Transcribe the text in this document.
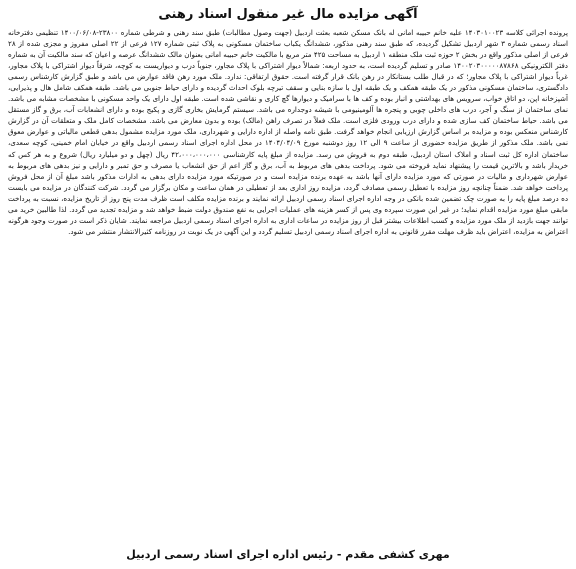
آگهی مزایده مال غیر منقول اسناد رهنی

پرونده اجرائی کلاسه ۱۴۰۳۰۱۰۰۲۳ علیه خانم حبیبه امانی له بانک مسکن شعبه بعثت اردبیل (جهت وصول مطالبات) طبق سند رهنی و شرطی شماره ۲۳۸۰۰-۱۴۰۰/۰۶/۰۸ تنظیمی دفترخانه اسناد رسمی شماره ۳ شهر اردبیل تشکیل گردیده، که طبق سند رهنی مذکور، ششدانگ یکباب ساختمان مسکونی به پلاک ثبتی شماره ۱۲۷ فرعی از ۲۲ اصلی مفروز و مجزی شده از ۲۸ فرعی از اصلی مذکور واقع در بخش ۲ حوزه ثبت ملک منطقه ۱ اردبیل به مساحت ۴۲۵ متر مربع با مالکیت خانم حبیبه امانی بعنوان مالک ششدانگ عرصه و اعیان که سند مالکیت آن به شماره دفتر الکترونیکی ۱۴۰۰۲۰۳۰۰۰۰۰۸۷۸۶۸ صادر و تسلیم گردیده است، به حدود اربعه: شمالاً دیوار اشتراکی با پلاک مجاور، جنوباً درب و دیواریست به کوچه، شرقاً دیوار اشتراکی با پلاک مجاور، غرباً دیوار اشتراکی با پلاک مجاور؛ که در قبال طلب بستانکار در رهن بانک قرار گرفته است. حقوق ارتفاقی: ندارد. ملک مورد رهن فاقد عوارض می باشد و طبق گزارش کارشناس رسمی دادگستری، ساختمان مسکونی مذکور در یک طبقه همکف و یک طبقه اول با سازه بنایی و سقف تیرچه بلوک احداث گردیده و دارای حیاط جنوبی می باشد. طبقه همکف شامل هال و پذیرایی، آشپزخانه اپن، دو اتاق خواب، سرویس های بهداشتی و انبار بوده و کف ها با سرامیک و دیوارها گچ کاری و نقاشی شده است. طبقه اول دارای یک واحد مسکونی با مشخصات مشابه می باشد. نمای ساختمان از سنگ و آجر، درب های داخلی چوبی و پنجره ها آلومینیومی با شیشه دوجداره می باشد. سیستم گرمایش بخاری گازی و پکیج بوده و دارای انشعابات آب، برق و گاز مستقل می باشد. حیاط ساختمان کف سازی شده و دارای درب ورودی فلزی است. ملک فعلاً در تصرف راهن (مالک) بوده و بدون معارض می باشد. مشخصات کامل ملک و متعلقات آن در گزارش کارشناس منعکس بوده و مزایده بر اساس گزارش ارزیابی انجام خواهد گرفت. طبق نامه واصله از اداره دارایی و شهرداری، ملک مورد مزایده مشمول بدهی قطعی مالیاتی و عوارض معوق نمی باشد. ملک مذکور از طریق مزایده حضوری از ساعت ۹ الی ۱۲ روز دوشنبه مورخ ۱۴۰۴/۰۴/۰۹ در محل اداره اجرای اسناد رسمی اردبیل واقع در خیابان امام خمینی، کوچه سعدی، ساختمان اداره کل ثبت اسناد و املاک استان اردبیل، طبقه دوم به فروش می رسد. مزایده از مبلغ پایه کارشناسی ۴۲،۰۰۰،۰۰۰،۰۰۰ ریال (چهل و دو میلیارد ریال) شروع و به هر کس که خریدار باشد و بالاترین قیمت را پیشنهاد نماید فروخته می شود. پرداخت بدهی های مربوط به آب، برق و گاز اعم از حق انشعاب یا مصرف و حق تمبر و دارایی و نیز بدهی های مربوط به عوارض شهرداری و مالیات در صورتی که مورد مزایده دارای آنها باشد به عهده برنده مزایده است و در صورتیکه مورد مزایده دارای بدهی به ادارات مذکور باشد مبلغ آن از محل فروش پرداخت خواهد شد. ضمناً چنانچه روز مزایده با تعطیل رسمی مصادف گردد، مزایده روز اداری بعد از تعطیلی در همان ساعت و مکان برگزار می گردد. شرکت کنندگان در مزایده می بایست ده درصد مبلغ پایه را به صورت چک تضمین شده بانکی در وجه اداره اجرای اسناد رسمی اردبیل ارائه نمایند و برنده مزایده مکلف است ظرف مدت پنج روز از تاریخ مزایده، نسبت به پرداخت مابقی مبلغ مورد مزایده اقدام نماید؛ در غیر این صورت سپرده وی پس از کسر هزینه های عملیات اجرایی به نفع صندوق دولت ضبط خواهد شد و مزایده تجدید می گردد. لذا طالبین خرید می توانند جهت بازدید از ملک مورد مزایده و کسب اطلاعات بیشتر قبل از روز مزایده در ساعات اداری به اداره اجرای اسناد رسمی اردبیل مراجعه نمایند. شایان ذکر است در صورت وجود هرگونه اعتراض به مزایده، اعتراض باید ظرف مهلت مقرر قانونی به اداره اجرای اسناد رسمی اردبیل تسلیم گردد و این آگهی در یک نوبت در روزنامه کثیرالانتشار منتشر می شود.

مهری کشفی مقدم - رئیس اداره اجرای اسناد رسمی اردبیل
